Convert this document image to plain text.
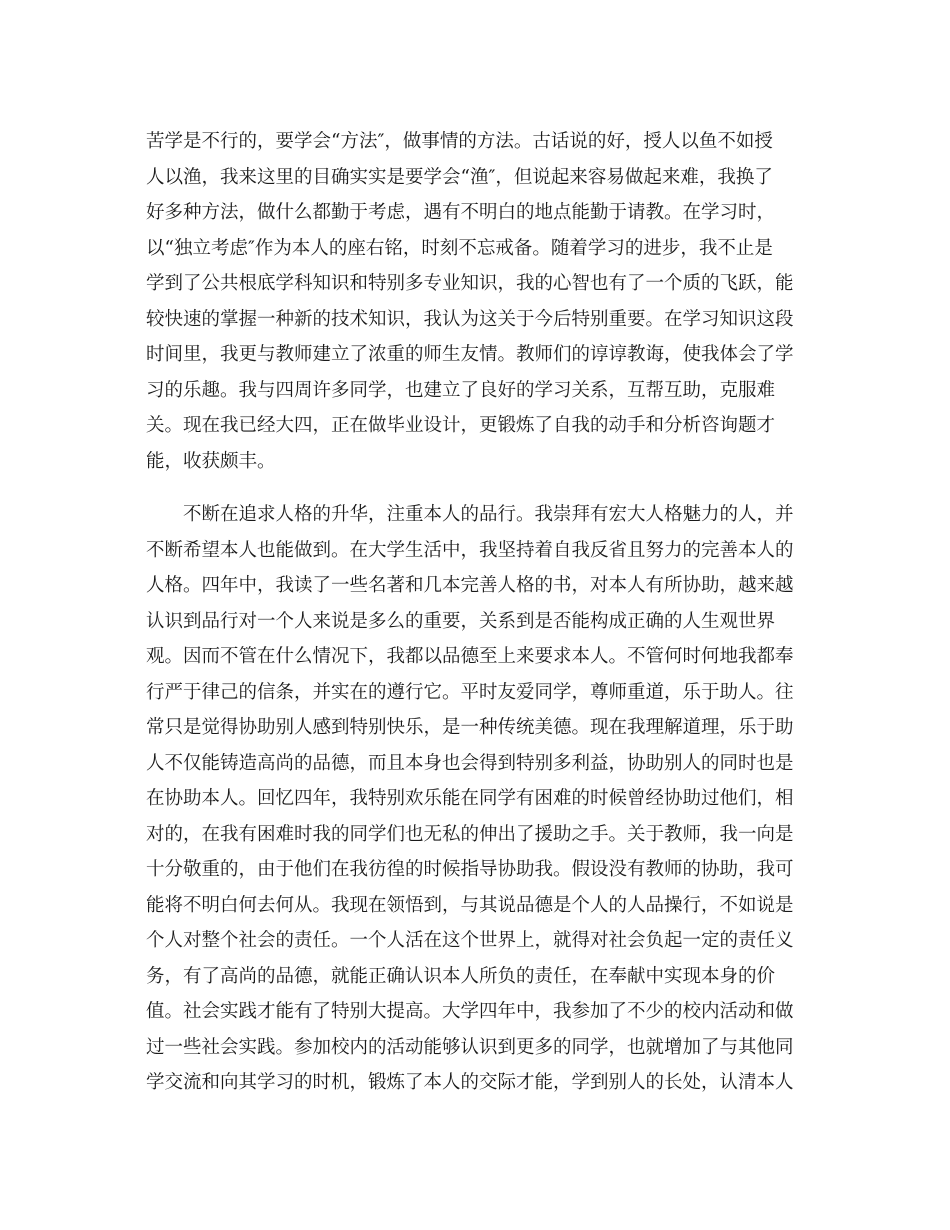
苦学是不行的，要学会“方法″，做事情的方法。古话说的好，授人以鱼不如授
人以渔，我来这里的目确实实是要学会“渔″，但说起来容易做起来难，我换了
好多种方法，做什么都勤于考虑，遇有不明白的地点能勤于请教。在学习时，
以“独立考虑″作为本人的座右铭，时刻不忘戒备。随着学习的进步，我不止是
学到了公共根底学科知识和特别多专业知识，我的心智也有了一个质的飞跃，能
较快速的掌握一种新的技术知识，我认为这关于今后特别重要。在学习知识这段
时间里，我更与教师建立了浓重的师生友情。教师们的谆谆教诲，使我体会了学
习的乐趣。我与四周许多同学，也建立了良好的学习关系，互帮互助，克服难
关。现在我已经大四，正在做毕业设计，更锻炼了自我的动手和分析咨询题才
能，收获颇丰。
　　不断在追求人格的升华，注重本人的品行。我崇拜有宏大人格魅力的人，并
不断希望本人也能做到。在大学生活中，我坚持着自我反省且努力的完善本人的
人格。四年中，我读了一些名著和几本完善人格的书，对本人有所协助，越来越
认识到品行对一个人来说是多么的重要，关系到是否能构成正确的人生观世界
观。因而不管在什么情况下，我都以品德至上来要求本人。不管何时何地我都奉
行严于律己的信条，并实在的遵行它。平时友爱同学，尊师重道，乐于助人。往
常只是觉得协助别人感到特别快乐，是一种传统美德。现在我理解道理，乐于助
人不仅能铸造高尚的品德，而且本身也会得到特别多利益，协助别人的同时也是
在协助本人。回忆四年，我特别欢乐能在同学有困难的时候曾经协助过他们，相
对的，在我有困难时我的同学们也无私的伸出了援助之手。关于教师，我一向是
十分敬重的，由于他们在我彷徨的时候指导协助我。假设没有教师的协助，我可
能将不明白何去何从。我现在领悟到，与其说品德是个人的人品操行，不如说是
个人对整个社会的责任。一个人活在这个世界上，就得对社会负起一定的责任义
务，有了高尚的品德，就能正确认识本人所负的责任，在奉献中实现本身的价
值。社会实践才能有了特别大提高。大学四年中，我参加了不少的校内活动和做
过一些社会实践。参加校内的活动能够认识到更多的同学，也就增加了与其他同
学交流和向其学习的时机，锻炼了本人的交际才能，学到别人的长处，认清本人
